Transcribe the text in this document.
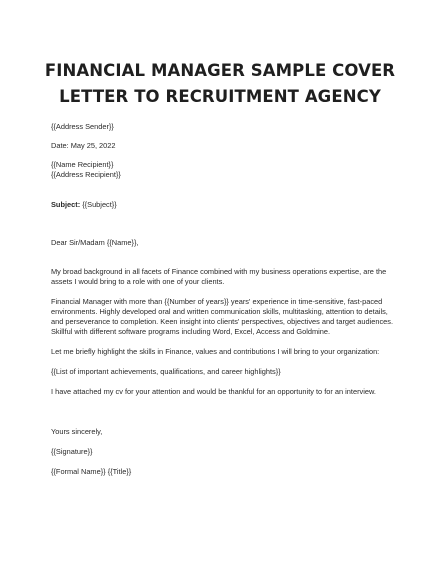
FINANCIAL MANAGER SAMPLE COVER
LETTER TO RECRUITMENT AGENCY

{{Address Sender}}

Date: May 25, 2022

{{Name Recipient}}

{{Address Recipient}}

Subject: {{Subject}}

Dear Sir/Madam {{Name}},

My broad background in all facets of Finance combined with my business operations expertise, are the

assets I would bring to a role with one of your clients.

Financial Manager with more than {{Number of years}} years' experience in time-sensitive, fast-paced

environments. Highly developed oral and written communication skills, multitasking, attention to details,

and perseverance to completion. Keen insight into clients' perspectives, objectives and target audiences.

Skillful with different software programs including Word, Excel, Access and Goldmine.

Let me briefly highlight the skills in Finance, values and contributions I will bring to your organization:

{{List of important achievements, qualifications, and career highlights}}

I have attached my cv for your attention and would be thankful for an opportunity to for an interview.

Yours sincerely,

{{Signature}}

{{Formal Name}} {{Title}}
